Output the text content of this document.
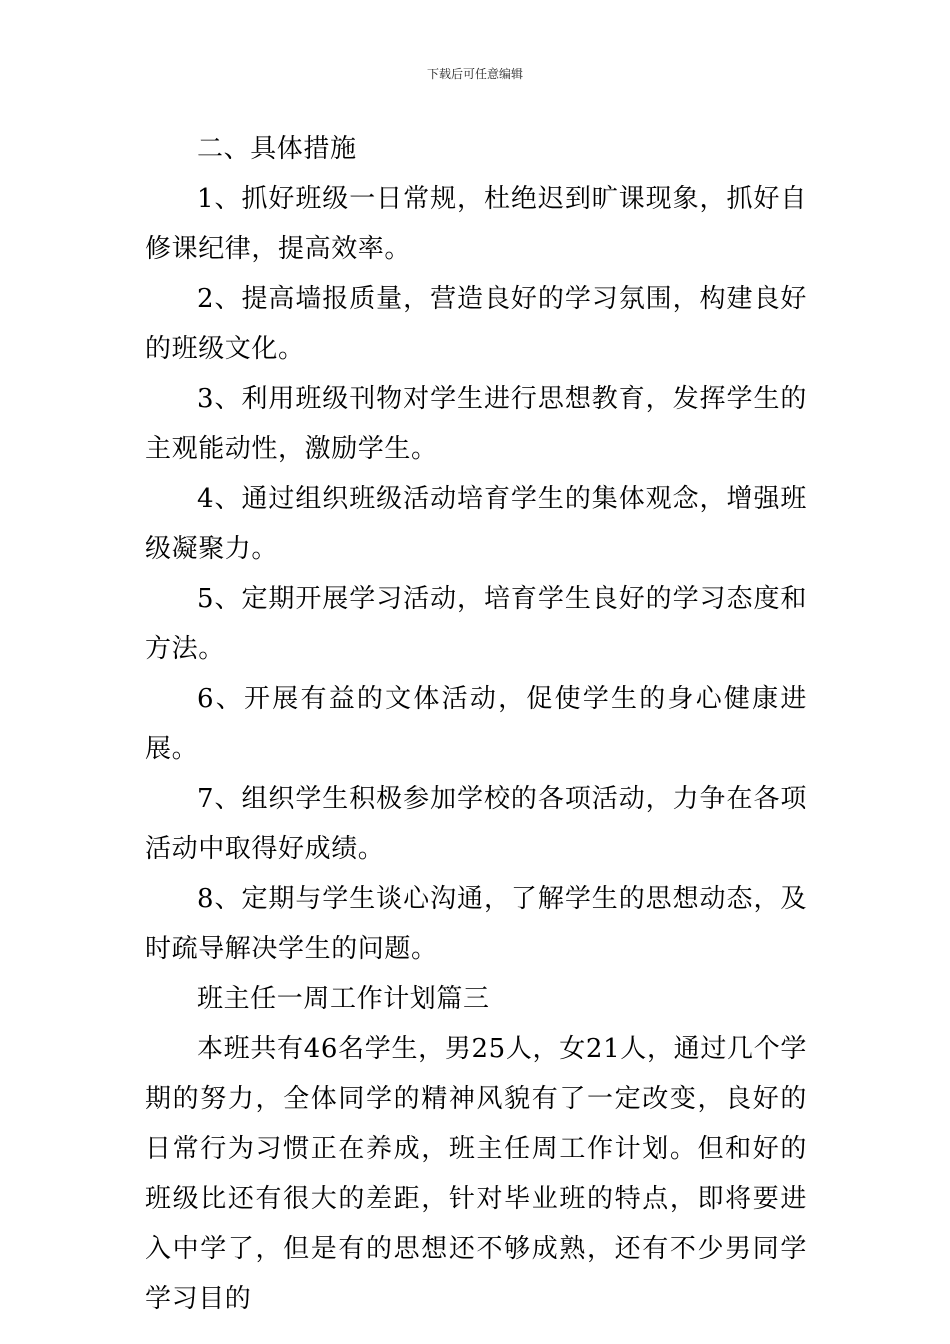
下载后可任意编辑

二、具体措施

1、抓好班级一日常规，杜绝迟到旷课现象，抓好自修课纪律，提高效率。

2、提高墙报质量，营造良好的学习氛围，构建良好的班级文化。

3、利用班级刊物对学生进行思想教育，发挥学生的主观能动性，激励学生。

4、通过组织班级活动培育学生的集体观念，增强班级凝聚力。

5、定期开展学习活动，培育学生良好的学习态度和方法。

6、开展有益的文体活动，促使学生的身心健康进展。

7、组织学生积极参加学校的各项活动，力争在各项活动中取得好成绩。

8、定期与学生谈心沟通，了解学生的思想动态，及时疏导解决学生的问题。

班主任一周工作计划篇三

本班共有46名学生，男25人，女21人，通过几个学期的努力，全体同学的精神风貌有了一定改变，良好的日常行为习惯正在养成，班主任周工作计划。但和好的班级比还有很大的差距，针对毕业班的特点，即将要进入中学了，但是有的思想还不够成熟，还有不少男同学学习目的
